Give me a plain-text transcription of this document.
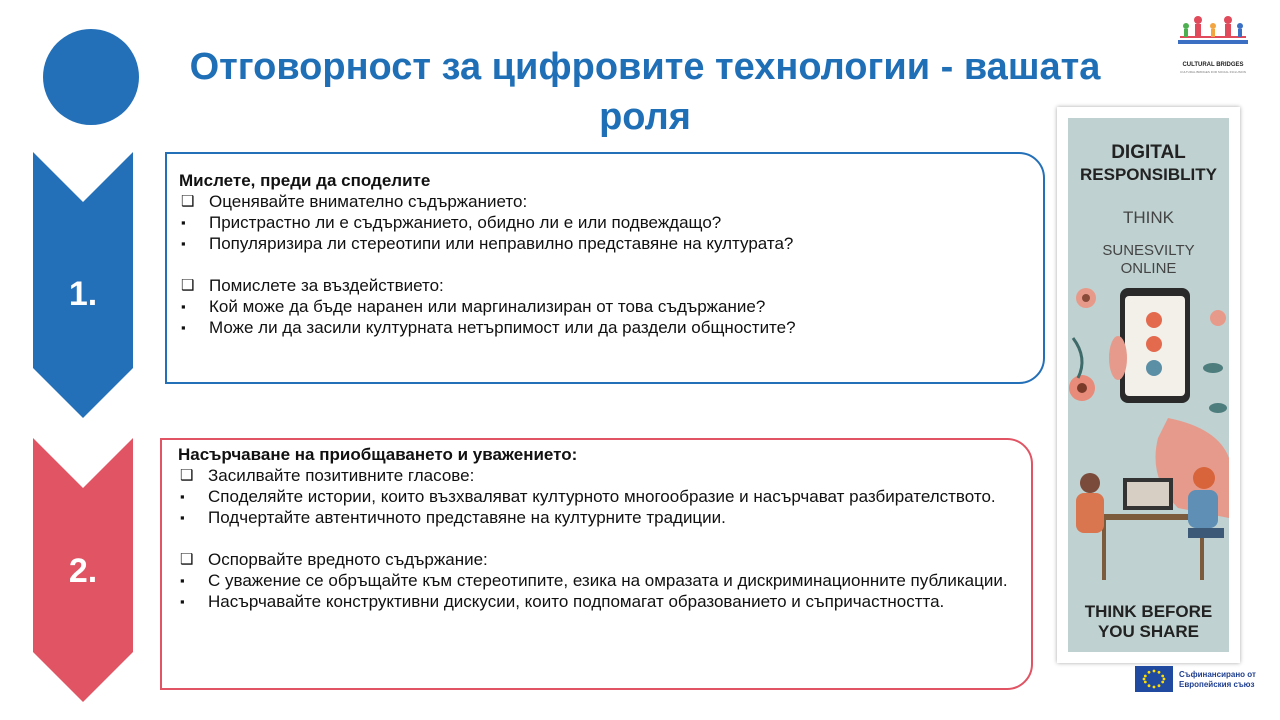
Отговорност за цифровите технологии - вашата роля
CULTURAL BRIDGES
CULTURAL BRIDGES FOR SOCIAL INCLUSION
1.
Мислете, преди да споделите
❑ Оценявайте внимателно съдържанието:
▪	Пристрастно ли е съдържанието, обидно ли е или подвеждащо?
▪	Популяризира ли стереотипи или неправилно представяне на културата?
❑ Помислете за въздействието:
▪	Кой може да бъде наранен или маргинализиран от това съдържание?
▪	Може ли да засили културната нетърпимост или да раздели общностите?
2.
Насърчаване на приобщаването и уважението:
❑ Засилвайте позитивните гласове:
▪	Споделяйте истории, които възхваляват културното многообразие и насърчават разбирателството.
▪	Подчертайте автентичното представяне на културните традиции.
❑ Оспорвайте вредното съдържание:
▪	С уважение се обръщайте към стереотипите, езика на омразата и дискриминационните публикации.
▪	Насърчавайте конструктивни дискусии, които подпомагат образованието и съпричастността.
DIGITAL
RESPONSIBLITY
THINK
SUNESVILTY
ONLINE
THINK BEFORE
YOU SHARE
Съфинансирано от
Европейския съюз
